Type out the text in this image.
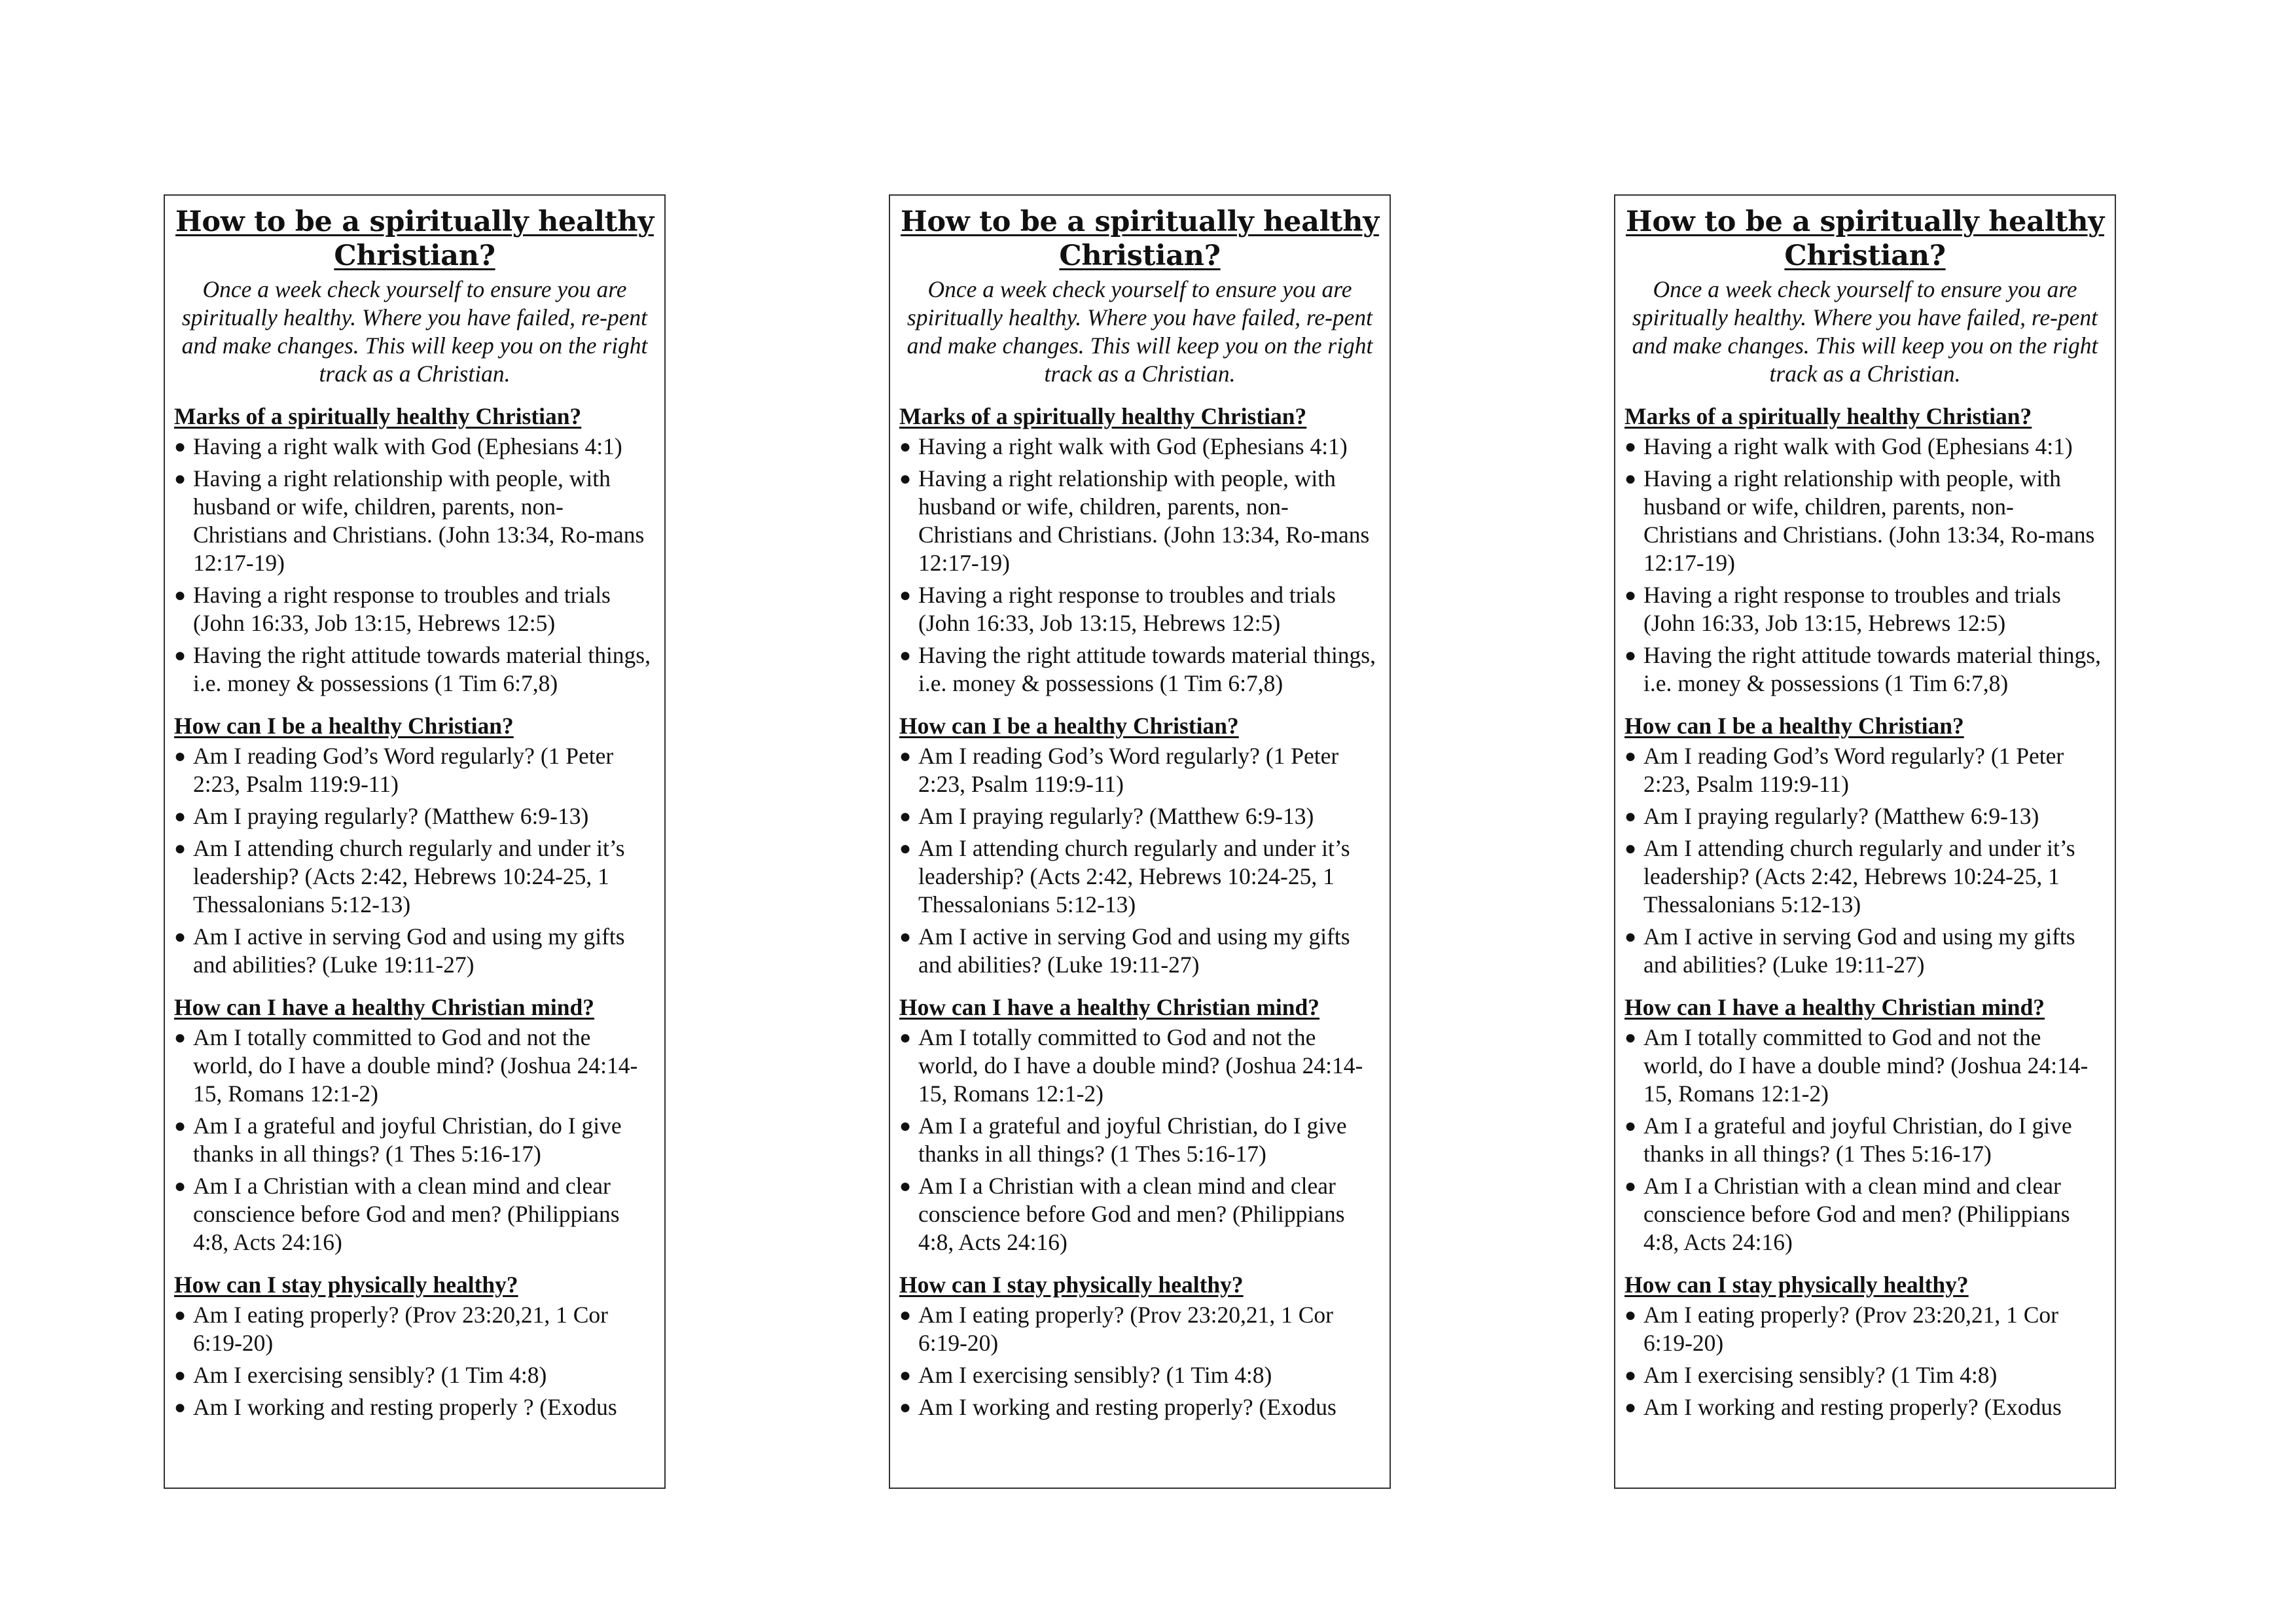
How to be a spiritually healthy Christian?

Once a week check yourself to ensure you are spiritually healthy. Where you have failed, re-pent and make changes. This will keep you on the right track as a Christian.

Marks of a spiritually healthy Christian?
● Having a right walk with God (Ephesians 4:1)
● Having a right relationship with people, with husband or wife, children, parents, non-Christians and Christians. (John 13:34, Ro-mans 12:17-19)
● Having a right response to troubles and trials (John 16:33, Job 13:15, Hebrews 12:5)
● Having the right attitude towards material things, i.e. money & possessions (1 Tim 6:7,8)
How can I be a healthy Christian?
● Am I reading God’s Word regularly? (1 Peter 2:23, Psalm 119:9-11)
● Am I praying regularly? (Matthew 6:9-13)
● Am I attending church regularly and under it’s leadership? (Acts 2:42, Hebrews 10:24-25, 1 Thessalonians 5:12-13)
● Am I active in serving God and using my gifts and abilities? (Luke 19:11-27)
How can I have a healthy Christian mind?
● Am I totally committed to God and not the world, do I have a double mind? (Joshua 24:14-15, Romans 12:1-2)
● Am I a grateful and joyful Christian, do I give thanks in all things? (1 Thes 5:16-17)
● Am I a Christian with a clean mind and clear conscience before God and men? (Philippians 4:8, Acts 24:16)
How can I stay physically healthy?
● Am I eating properly? (Prov 23:20,21, 1 Cor 6:19-20)
● Am I exercising sensibly? (1 Tim 4:8)
● Am I working and resting properly ? (Exodus
How to be a spiritually healthy Christian?

Once a week check yourself to ensure you are spiritually healthy. Where you have failed, re-pent and make changes. This will keep you on the right track as a Christian.

Marks of a spiritually healthy Christian?
● Having a right walk with God (Ephesians 4:1)
● Having a right relationship with people, with husband or wife, children, parents, non-Christians and Christians. (John 13:34, Ro-mans 12:17-19)
● Having a right response to troubles and trials (John 16:33, Job 13:15, Hebrews 12:5)
● Having the right attitude towards material things, i.e. money & possessions (1 Tim 6:7,8)
How can I be a healthy Christian?
● Am I reading God’s Word regularly? (1 Peter 2:23, Psalm 119:9-11)
● Am I praying regularly? (Matthew 6:9-13)
● Am I attending church regularly and under it’s leadership? (Acts 2:42, Hebrews 10:24-25, 1 Thessalonians 5:12-13)
● Am I active in serving God and using my gifts and abilities? (Luke 19:11-27)
How can I have a healthy Christian mind?
● Am I totally committed to God and not the world, do I have a double mind? (Joshua 24:14-15, Romans 12:1-2)
● Am I a grateful and joyful Christian, do I give thanks in all things? (1 Thes 5:16-17)
● Am I a Christian with a clean mind and clear conscience before God and men? (Philippians 4:8, Acts 24:16)
How can I stay physically healthy?
● Am I eating properly? (Prov 23:20,21, 1 Cor 6:19-20)
● Am I exercising sensibly? (1 Tim 4:8)
● Am I working and resting properly? (Exodus
How to be a spiritually healthy Christian?

Once a week check yourself to ensure you are spiritually healthy. Where you have failed, re-pent and make changes. This will keep you on the right track as a Christian.

Marks of a spiritually healthy Christian?
● Having a right walk with God (Ephesians 4:1)
● Having a right relationship with people, with husband or wife, children, parents, non-Christians and Christians. (John 13:34, Ro-mans 12:17-19)
● Having a right response to troubles and trials (John 16:33, Job 13:15, Hebrews 12:5)
● Having the right attitude towards material things, i.e. money & possessions (1 Tim 6:7,8)
How can I be a healthy Christian?
● Am I reading God’s Word regularly? (1 Peter 2:23, Psalm 119:9-11)
● Am I praying regularly? (Matthew 6:9-13)
● Am I attending church regularly and under it’s leadership? (Acts 2:42, Hebrews 10:24-25, 1 Thessalonians 5:12-13)
● Am I active in serving God and using my gifts and abilities? (Luke 19:11-27)
How can I have a healthy Christian mind?
● Am I totally committed to God and not the world, do I have a double mind? (Joshua 24:14-15, Romans 12:1-2)
● Am I a grateful and joyful Christian, do I give thanks in all things? (1 Thes 5:16-17)
● Am I a Christian with a clean mind and clear conscience before God and men? (Philippians 4:8, Acts 24:16)
How can I stay physically healthy?
● Am I eating properly? (Prov 23:20,21, 1 Cor 6:19-20)
● Am I exercising sensibly? (1 Tim 4:8)
● Am I working and resting properly? (Exodus
